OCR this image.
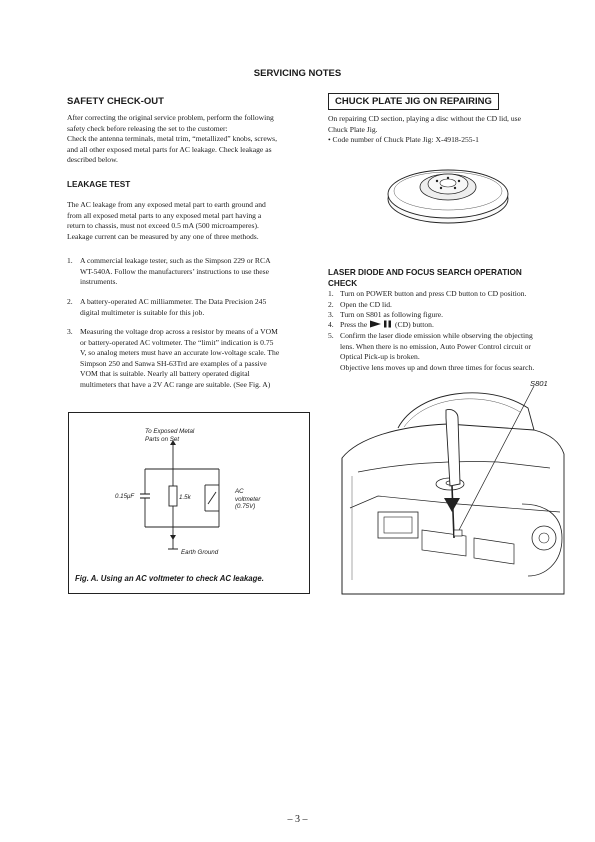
SERVICING NOTES
SAFETY CHECK-OUT
After correcting the original service problem, perform the following
safety check before releasing the set to the customer:
Check the antenna terminals, metal trim, “metallized” knobs, screws,
and all other exposed metal parts for AC leakage. Check leakage as
described below.
LEAKAGE TEST
The AC leakage from any exposed metal part to earth ground and
from all exposed metal parts to any exposed metal part having a
return to chassis, must not exceed 0.5 mA (500 microamperes).
Leakage current can be measured by any one of three methods.
1. A commercial leakage tester, such as the Simpson 229 or RCA
WT-540A. Follow the manufacturers’ instructions to use these
instruments.
2. A battery-operated AC milliammeter. The Data Precision 245
digital multimeter is suitable for this job.
3. Measuring the voltage drop across a resistor by means of a VOM
or battery-operated AC voltmeter. The “limit” indication is 0.75
V, so analog meters must have an accurate low-voltage scale. The
Simpson 250 and Sanwa SH-63Trd are examples of a passive
VOM that is suitable. Nearly all battery operated digital
multimeters that have a 2V AC range are suitable. (See Fig. A)
To Exposed Metal
Parts on Set
0.15μF	1.5k
AC
voltmeter
(0.75V)
Earth Ground
Fig. A. Using an AC voltmeter to check AC leakage.
CHUCK PLATE JIG ON REPAIRING
On repairing CD section, playing a disc without the CD lid, use
Chuck Plate Jig.
• Code number of Chuck Plate Jig: X-4918-255-1
LASER DIODE AND FOCUS SEARCH OPERATION
CHECK
1. Turn on POWER button and press CD button to CD position.
2. Open the CD lid.
3. Turn on S801 as following figure.
4. Press the	(CD) button.
5. Confirm the laser diode emission while observing the objecting
lens. When there is no emission, Auto Power Control circuit or
Optical Pick-up is broken.
Objective lens moves up and down three times for focus search.
S801
– 3 –
